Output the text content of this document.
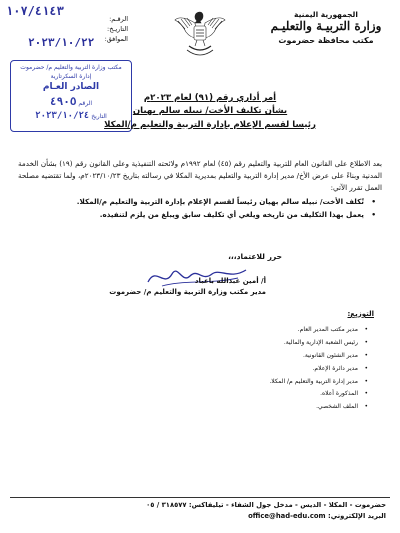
الجمهورية اليمنية
وزارة التربيـة والتعليـم
مكتب محافظة حضرموت
١٠٧/٤١٤٣
الرقـم:
التاريـخ:
الموافق:
٢٠٢٣/١٠/٢٢
مكتب وزارة التربية والتعليم م/ حضرموت
إدارة السكرتارية
الصادر العـام
الرقم ٤٩٠٥
التاريخ ٢٠٢٣/١٠/٢٤
أمر أداري رقم (٩١) لعام ٢٠٢٣م
بشأن تكليف الأخت/ نبيله سالم بهيان
رئيسا لقسم الإعلام بإدارة التربية والتعليم م/المكلا

بعد الاطلاع على القانون العام للتربية والتعليم رقم (٤٥) لعام ١٩٩٢م ولائحته التنفيذية وعلى القانون رقم (١٩) بشأن الخدمة المدنية وبناءً على عرض الأخ/ مدير إدارة التربية والتعليم بمديرية المكلا في رسالته بتاريخ ٢٠٢٣/١٠/٢٣م، ولما تقتضيه مصلحة العمل تقرر الآتي:

• تُكلف الأخت/ نبيله سالم بهيان رئيساً لقسم الإعلام بإدارة التربية والتعليم م/المكلا.
• يعمل بهذا التكليف من تاريخه ويلغي أي تكليف سابق ويبلغ من يلزم لتنفيذه.
حرر للاعتماد،،،
أ/ أمين عبدالله باعباد
مدير مكتب وزارة التربية والتعليم م/ حضرموت
التوزيع:
• مدير مكتب المدير العام.
• رئيس الشعبة الإدارية والمالية.
• مدير الشئون القانونية.
• مدير دائرة الإعلام.
• مدير إدارة التربية والتعليم م/ المكلا.
• المذكورة أعلاه.
• الملف الشخصي.
حضرموت - المكلا - الديس - مدخل جول الشفاء - تيليفاكس: ٣١٨٥٧٧ / ٠٥
البريد الإلكتروني: office@had-edu.com
